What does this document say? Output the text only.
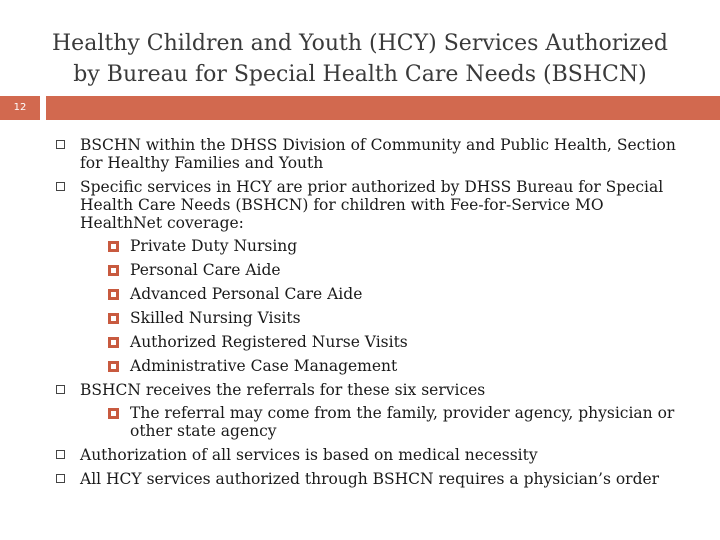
Healthy Children and Youth (HCY) Services Authorized by Bureau for Special Health Care Needs (BSHCN)
12
BSCHN within the DHSS Division of Community and Public Health, Section for Healthy Families and Youth
Specific services in HCY are prior authorized by DHSS Bureau for Special Health Care Needs (BSHCN) for children with Fee-for-Service MO HealthNet coverage:
Private Duty Nursing
Personal Care Aide
Advanced Personal Care Aide
Skilled Nursing Visits
Authorized Registered Nurse Visits
Administrative Case Management
BSHCN receives the referrals for these six services
The referral may come from the family, provider agency, physician or other state agency
Authorization of all services is based on medical necessity
All HCY services authorized through BSHCN requires a physician’s order
